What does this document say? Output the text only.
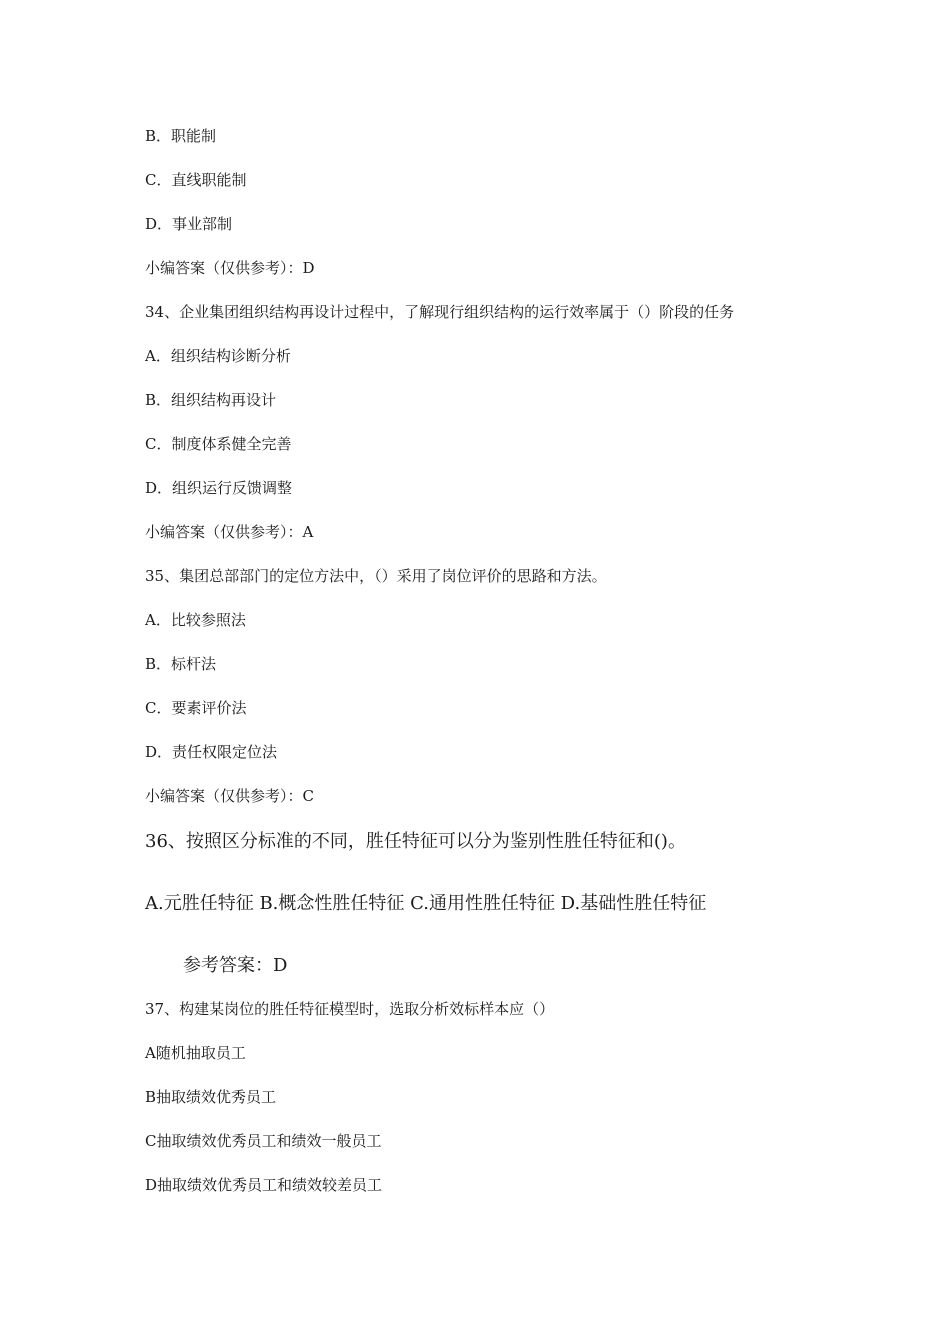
B．职能制
C．直线职能制
D．事业部制
小编答案（仅供参考）：D
34、企业集团组织结构再设计过程中，了解现行组织结构的运行效率属于（）阶段的任务
A．组织结构诊断分析
B．组织结构再设计
C．制度体系健全完善
D．组织运行反馈调整
小编答案（仅供参考）：A
35、集团总部部门的定位方法中，（）采用了岗位评价的思路和方法。
A．比较参照法
B．标杆法
C．要素评价法
D．责任权限定位法
小编答案（仅供参考）：C
36、按照区分标准的不同，胜任特征可以分为鉴别性胜任特征和()。
A.元胜任特征 B.概念性胜任特征 C.通用性胜任特征 D.基础性胜任特征
参考答案：D
37、构建某岗位的胜任特征模型时，选取分析效标样本应（）
A随机抽取员工
B抽取绩效优秀员工
C抽取绩效优秀员工和绩效一般员工
D抽取绩效优秀员工和绩效较差员工
